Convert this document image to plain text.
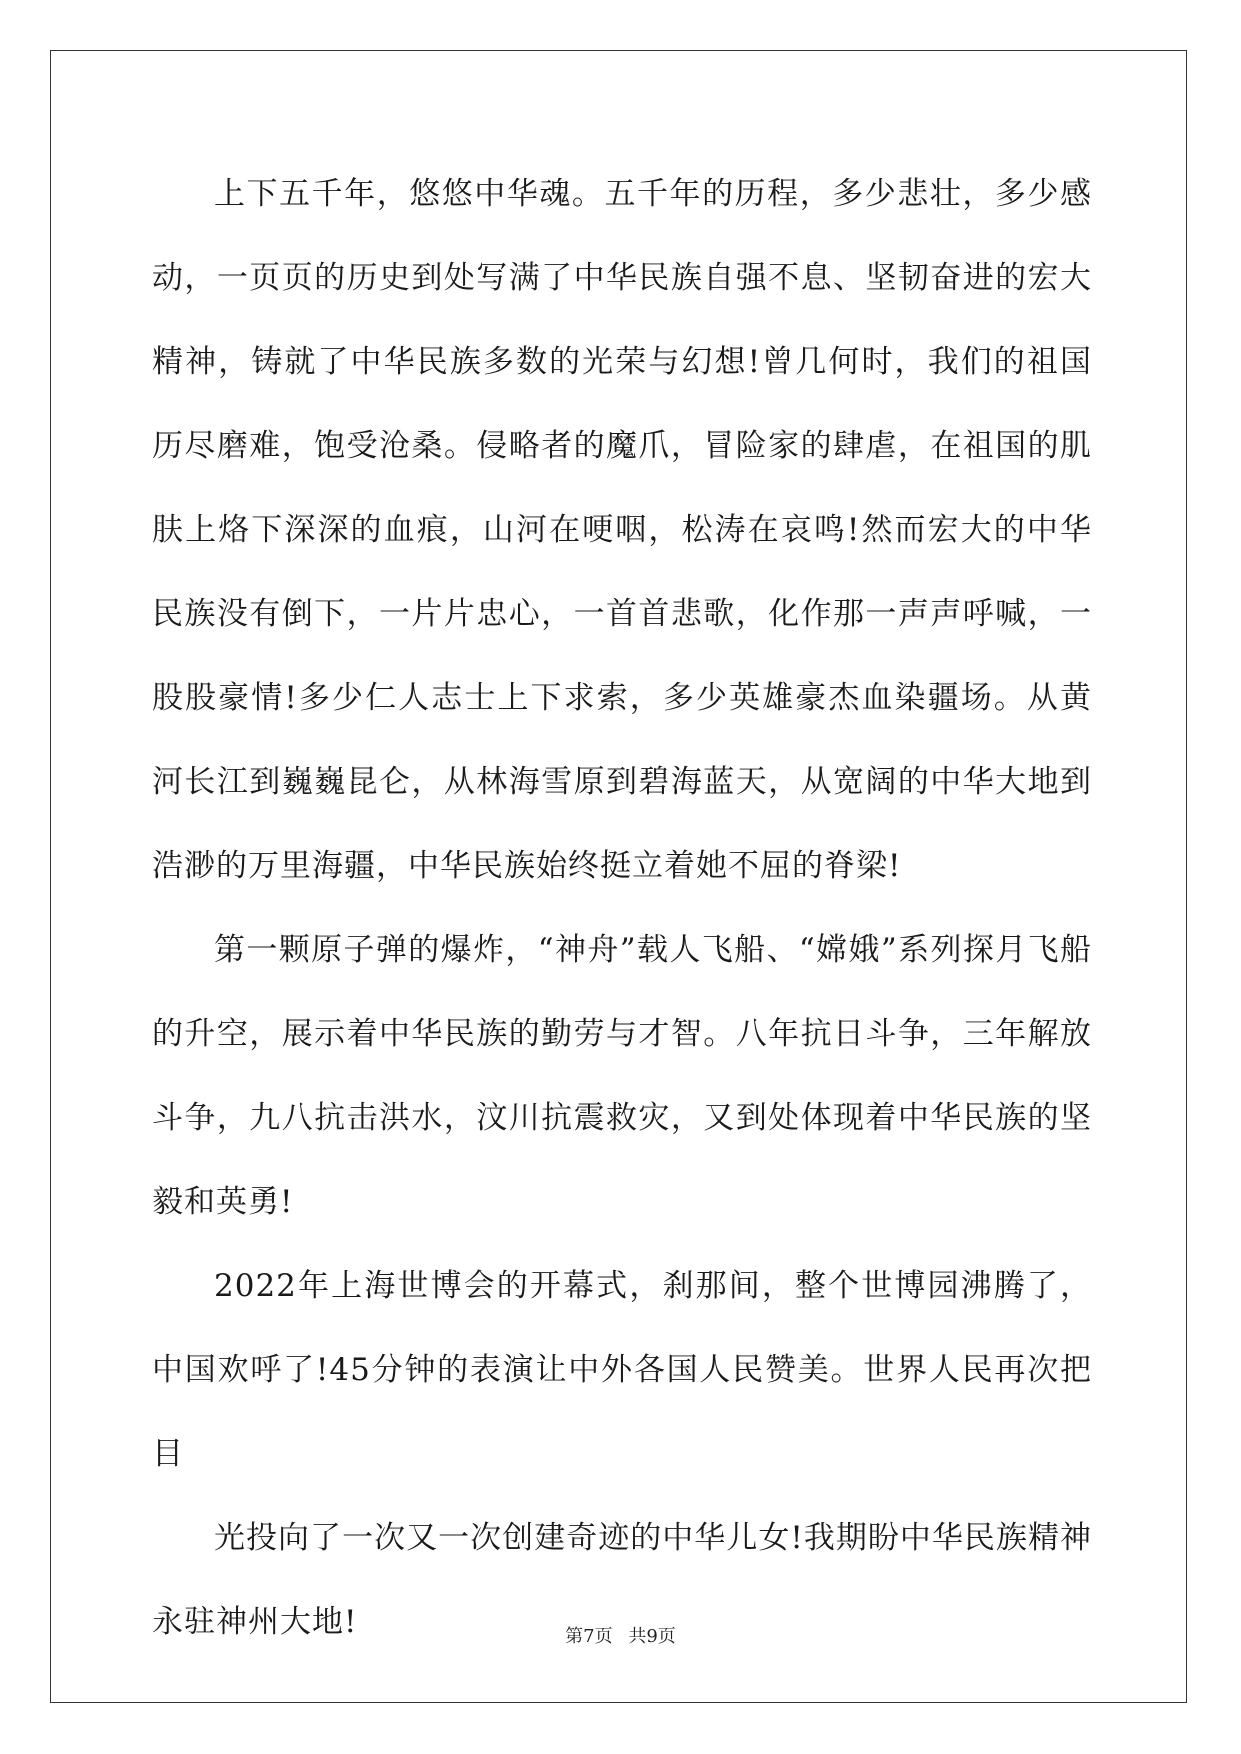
上下五千年，悠悠中华魂。五千年的历程，多少悲壮，多少感动，一页页的历史到处写满了中华民族自强不息、坚韧奋进的宏大精神，铸就了中华民族多数的光荣与幻想!曾几何时，我们的祖国历尽磨难，饱受沧桑。侵略者的魔爪，冒险家的肆虐，在祖国的肌肤上烙下深深的血痕，山河在哽咽，松涛在哀鸣!然而宏大的中华民族没有倒下，一片片忠心，一首首悲歌，化作那一声声呼喊，一股股豪情!多少仁人志士上下求索，多少英雄豪杰血染疆场。从黄河长江到巍巍昆仑，从林海雪原到碧海蓝天，从宽阔的中华大地到浩渺的万里海疆，中华民族始终挺立着她不屈的脊梁!

第一颗原子弹的爆炸，“神舟”载人飞船、“嫦娥”系列探月飞船的升空，展示着中华民族的勤劳与才智。八年抗日斗争，三年解放斗争，九八抗击洪水，汶川抗震救灾，又到处体现着中华民族的坚毅和英勇!

2022年上海世博会的开幕式，刹那间，整个世博园沸腾了，中国欢呼了!45分钟的表演让中外各国人民赞美。世界人民再次把目

光投向了一次又一次创建奇迹的中华儿女!我期盼中华民族精神永驻神州大地!	第7页 共9页
